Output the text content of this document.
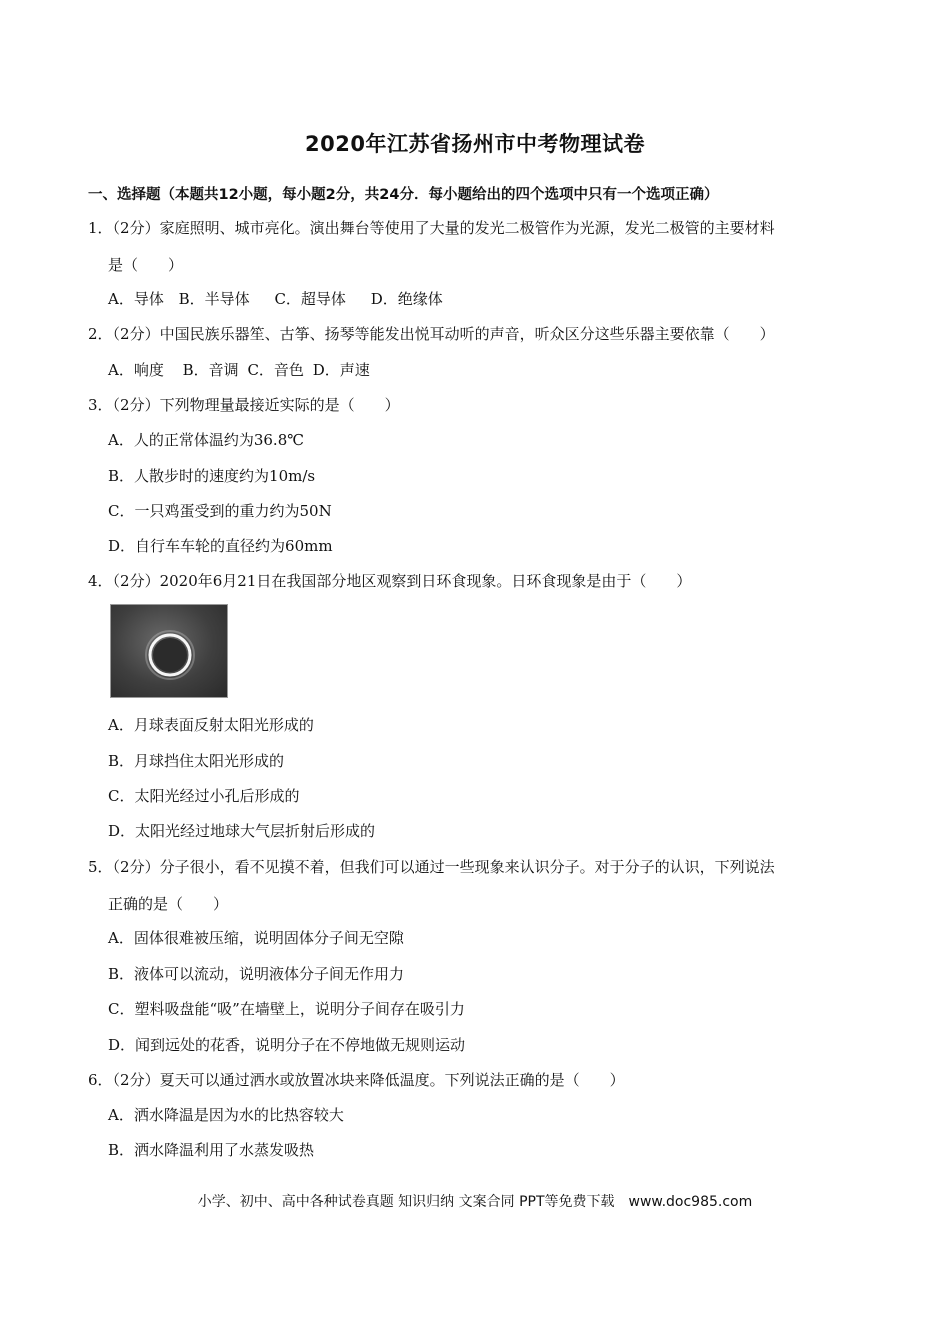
2020年江苏省扬州市中考物理试卷
一、选择题（本题共12小题，每小题2分，共24分．每小题给出的四个选项中只有一个选项正确）
1．（2分）家庭照明、城市亮化。演出舞台等使用了大量的发光二极管作为光源，发光二极管的主要材料
是（　　）
A．导体 B．半导体 C．超导体 D．绝缘体
2．（2分）中国民族乐器笙、古筝、扬琴等能发出悦耳动听的声音，听众区分这些乐器主要依靠（　　）
A．响度 B．音调 C．音色 D．声速
3．（2分）下列物理量最接近实际的是（　　）
A．人的正常体温约为36.8℃
B．人散步时的速度约为10m/s
C．一只鸡蛋受到的重力约为50N
D．自行车车轮的直径约为60mm
4．（2分）2020年6月21日在我国部分地区观察到日环食现象。日环食现象是由于（　　）
A．月球表面反射太阳光形成的
B．月球挡住太阳光形成的
C．太阳光经过小孔后形成的
D．太阳光经过地球大气层折射后形成的
5．（2分）分子很小，看不见摸不着，但我们可以通过一些现象来认识分子。对于分子的认识，下列说法
正确的是（　　）
A．固体很难被压缩，说明固体分子间无空隙
B．液体可以流动，说明液体分子间无作用力
C．塑料吸盘能“吸”在墙壁上，说明分子间存在吸引力
D．闻到远处的花香，说明分子在不停地做无规则运动
6．（2分）夏天可以通过洒水或放置冰块来降低温度。下列说法正确的是（　　）
A．洒水降温是因为水的比热容较大
B．洒水降温利用了水蒸发吸热
小学、初中、高中各种试卷真题 知识归纳 文案合同 PPT等免费下载　www.doc985.com
